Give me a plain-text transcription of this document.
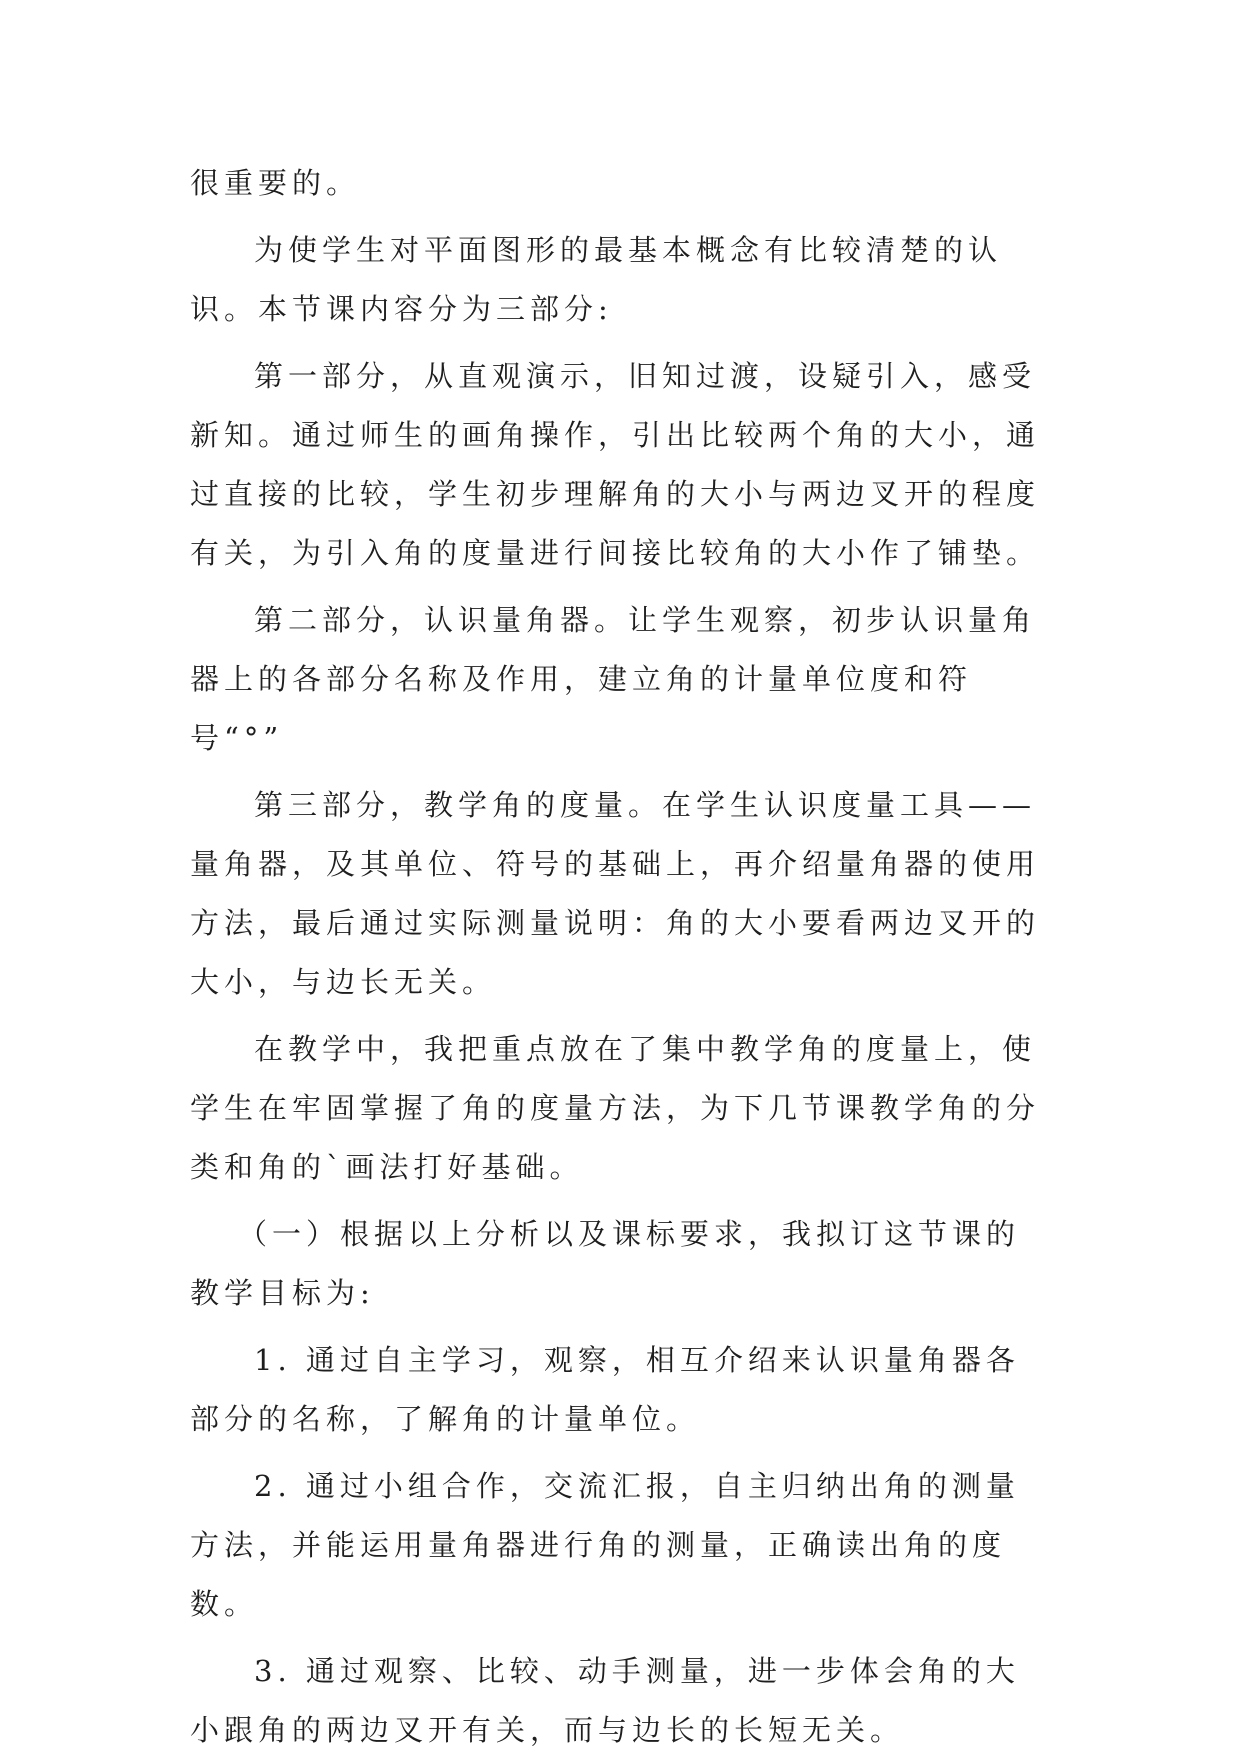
很重要的。

为使学生对平面图形的最基本概念有比较清楚的认识。本节课内容分为三部分:

第一部分，从直观演示，旧知过渡，设疑引入，感受新知。通过师生的画角操作，引出比较两个角的大小，通过直接的比较，学生初步理解角的大小与两边叉开的程度有关，为引入角的度量进行间接比较角的大小作了铺垫。

第二部分，认识量角器。让学生观察，初步认识量角器上的各部分名称及作用，建立角的计量单位度和符号“°”

第三部分，教学角的度量。在学生认识度量工具——量角器，及其单位、符号的基础上，再介绍量角器的使用方法，最后通过实际测量说明：角的大小要看两边叉开的大小，与边长无关。

在教学中，我把重点放在了集中教学角的度量上，使学生在牢固掌握了角的度量方法，为下几节课教学角的分类和角的`画法打好基础。

（一）根据以上分析以及课标要求，我拟订这节课的教学目标为:

1. 通过自主学习，观察，相互介绍来认识量角器各部分的名称，了解角的计量单位。

2. 通过小组合作，交流汇报，自主归纳出角的测量方法，并能运用量角器进行角的测量，正确读出角的度数。

3. 通过观察、比较、动手测量，进一步体会角的大小跟角的两边叉开有关，而与边长的长短无关。
